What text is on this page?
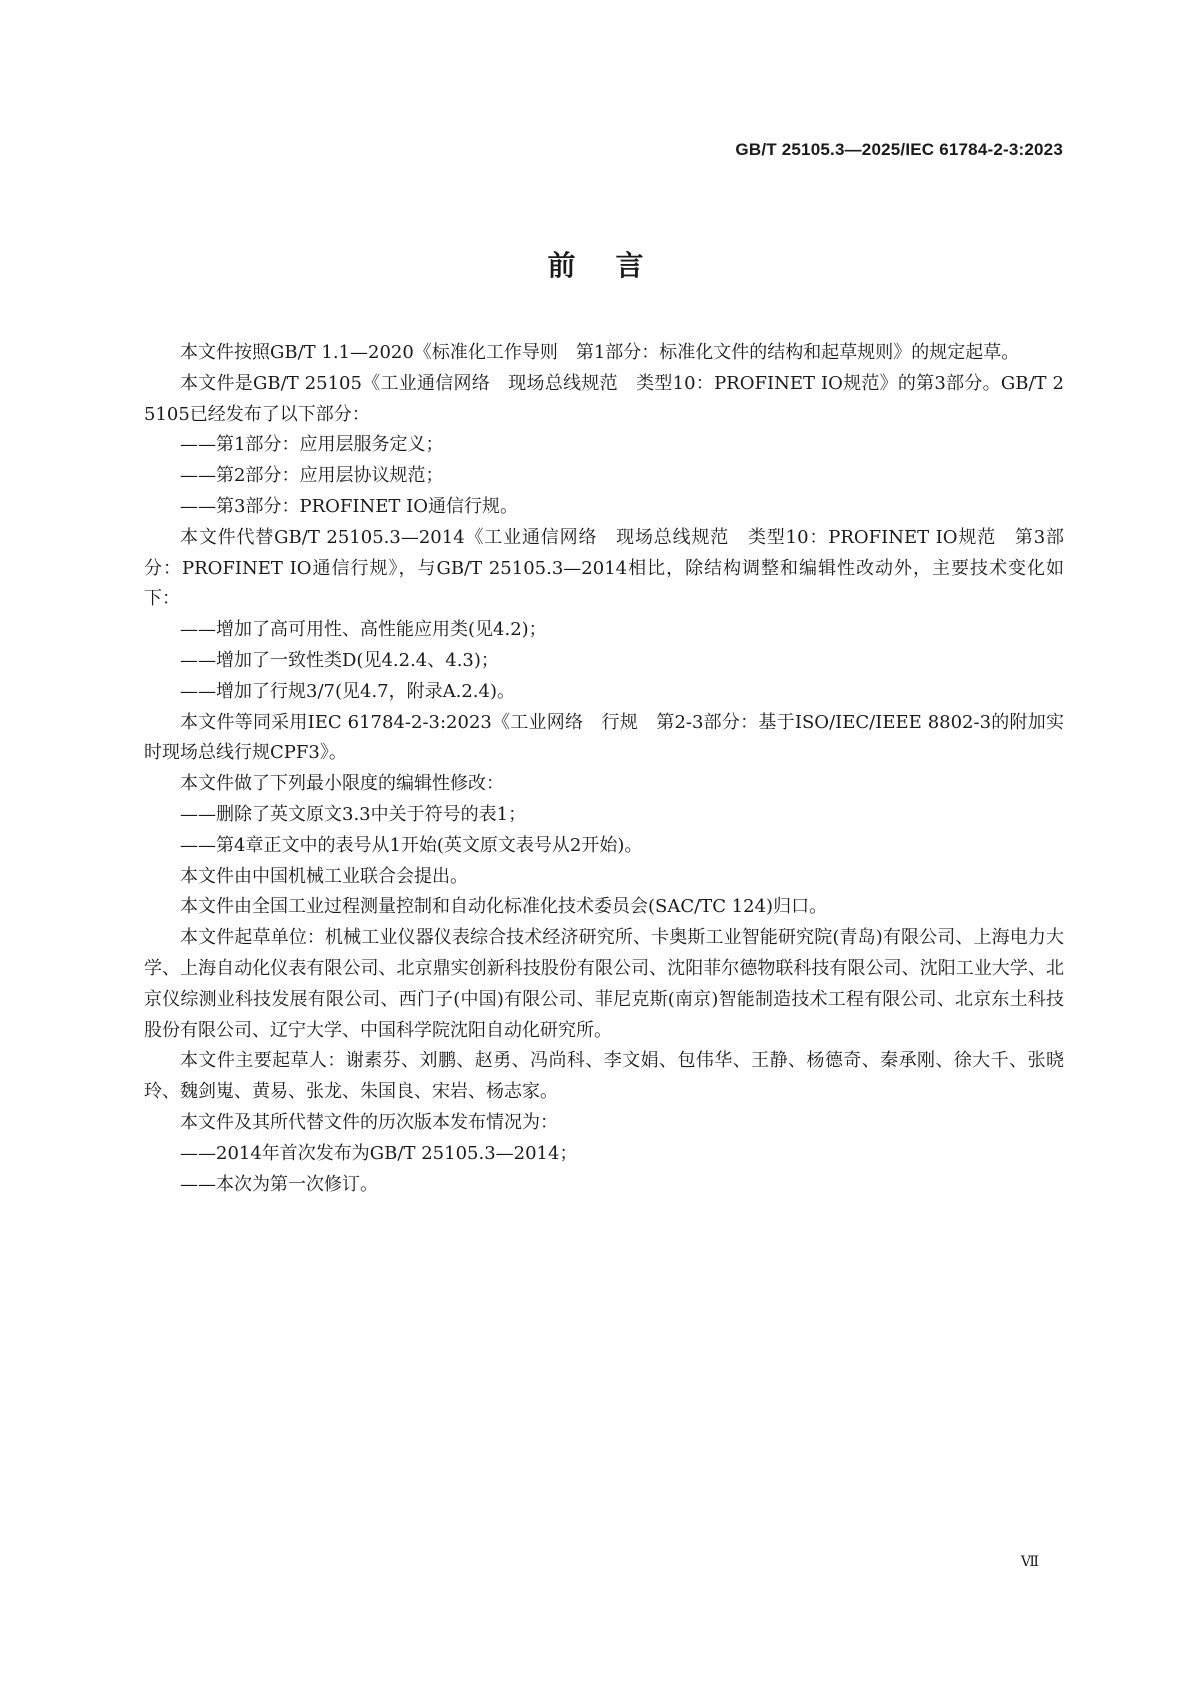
GB/T 25105.3—2025/IEC 61784-2-3:2023
前言

本文件按照GB/T 1.1—2020《标准化工作导则　第1部分：标准化文件的结构和起草规则》的规定起草。

本文件是GB/T 25105《工业通信网络　现场总线规范　类型10：PROFINET IO规范》的第3部分。GB/T 25105已经发布了以下部分：

——第1部分：应用层服务定义；

——第2部分：应用层协议规范；

——第3部分：PROFINET IO通信行规。

本文件代替GB/T 25105.3—2014《工业通信网络　现场总线规范　类型10：PROFINET IO规范　第3部分：PROFINET IO通信行规》，与GB/T 25105.3—2014相比，除结构调整和编辑性改动外，主要技术变化如下：

——增加了高可用性、高性能应用类(见4.2)；

——增加了一致性类D(见4.2.4、4.3)；

——增加了行规3/7(见4.7，附录A.2.4)。

本文件等同采用IEC 61784-2-3:2023《工业网络　行规　第2-3部分：基于ISO/IEC/IEEE 8802-3的附加实时现场总线行规CPF3》。

本文件做了下列最小限度的编辑性修改：

——删除了英文原文3.3中关于符号的表1；

——第4章正文中的表号从1开始(英文原文表号从2开始)。

本文件由中国机械工业联合会提出。

本文件由全国工业过程测量控制和自动化标准化技术委员会(SAC/TC 124)归口。

本文件起草单位：机械工业仪器仪表综合技术经济研究所、卡奥斯工业智能研究院(青岛)有限公司、上海电力大学、上海自动化仪表有限公司、北京鼎实创新科技股份有限公司、沈阳菲尔德物联科技有限公司、沈阳工业大学、北京仪综测业科技发展有限公司、西门子(中国)有限公司、菲尼克斯(南京)智能制造技术工程有限公司、北京东土科技股份有限公司、辽宁大学、中国科学院沈阳自动化研究所。

本文件主要起草人：谢素芬、刘鹏、赵勇、冯尚科、李文娟、包伟华、王静、杨德奇、秦承刚、徐大千、张晓玲、魏剑嵬、黄易、张龙、朱国良、宋岩、杨志家。

本文件及其所代替文件的历次版本发布情况为：

——2014年首次发布为GB/T 25105.3—2014；

——本次为第一次修订。

Ⅶ
